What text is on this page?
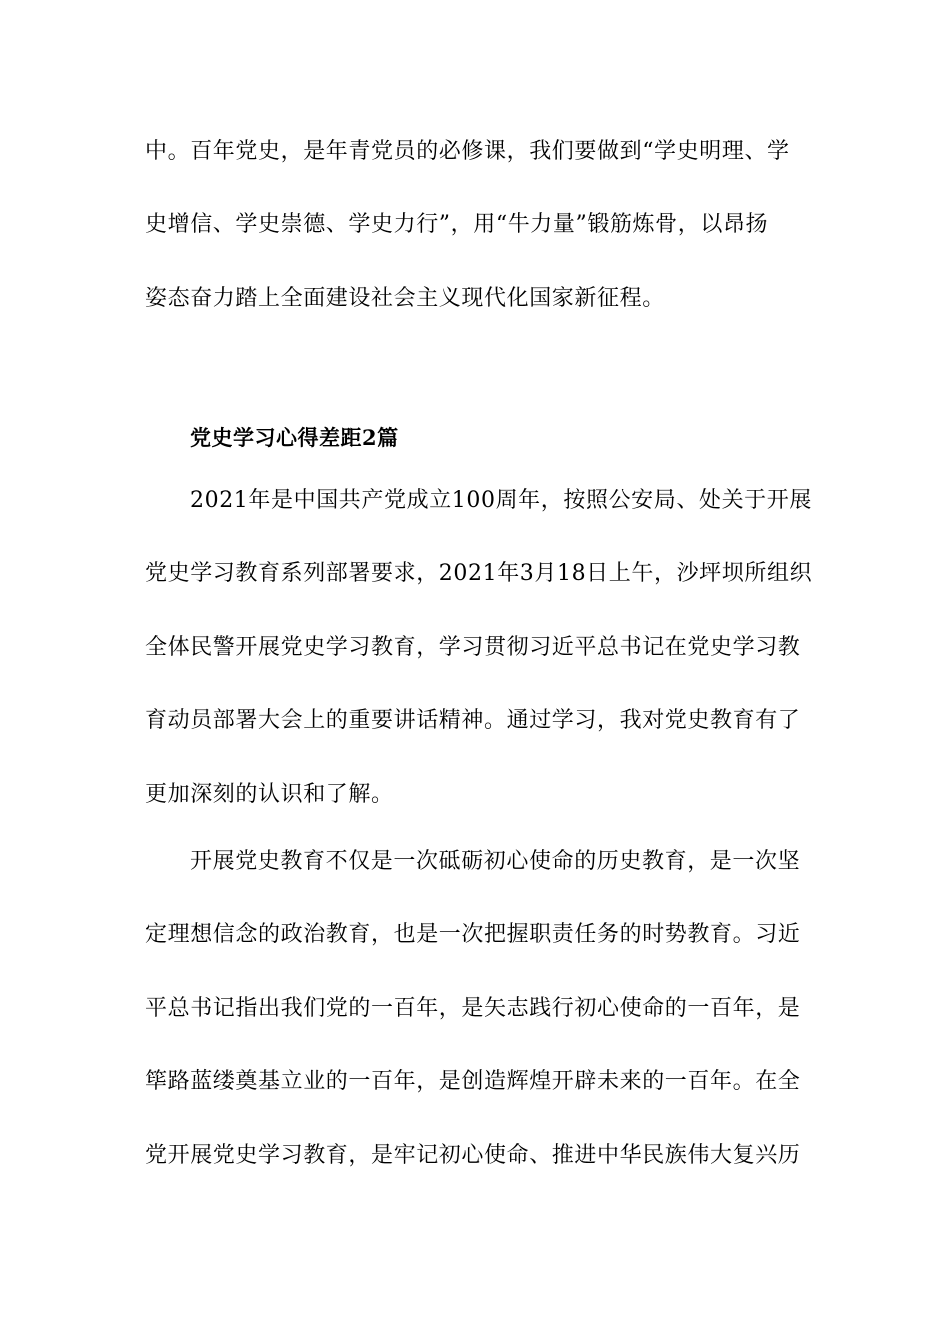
中。百年党史，是年青党员的必修课，我们要做到“学史明理、学
史增信、学史崇德、学史力行”，用“牛力量”锻筋炼骨，以昂扬
姿态奋力踏上全面建设社会主义现代化国家新征程。
党史学习心得差距2篇
2021年是中国共产党成立100周年，按照公安局、处关于开展
党史学习教育系列部署要求，2021年3月18日上午，沙坪坝所组织
全体民警开展党史学习教育，学习贯彻习近平总书记在党史学习教
育动员部署大会上的重要讲话精神。通过学习，我对党史教育有了
更加深刻的认识和了解。
开展党史教育不仅是一次砥砺初心使命的历史教育，是一次坚
定理想信念的政治教育，也是一次把握职责任务的时势教育。习近
平总书记指出我们党的一百年，是矢志践行初心使命的一百年，是
筚路蓝缕奠基立业的一百年，是创造辉煌开辟未来的一百年。在全
党开展党史学习教育，是牢记初心使命、推进中华民族伟大复兴历
